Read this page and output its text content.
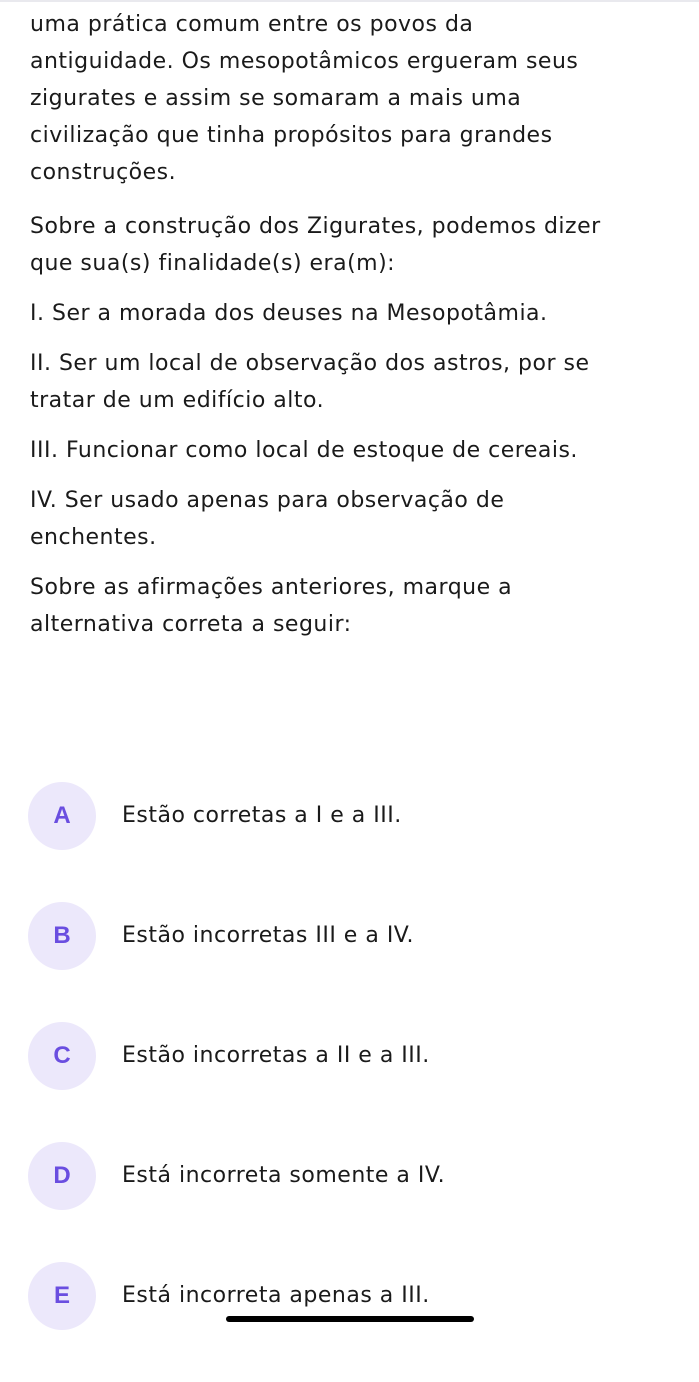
uma prática comum entre os povos da
antiguidade. Os mesopotâmicos ergueram seus
zigurates e assim se somaram a mais uma
civilização que tinha propósitos para grandes
construções.

Sobre a construção dos Zigurates, podemos dizer
que sua(s) finalidade(s) era(m):

I. Ser a morada dos deuses na Mesopotâmia.

II. Ser um local de observação dos astros, por se
tratar de um edifício alto.

III. Funcionar como local de estoque de cereais.

IV. Ser usado apenas para observação de
enchentes.

Sobre as afirmações anteriores, marque a
alternativa correta a seguir:

A	Estão corretas a I e a III.
B	Estão incorretas III e a IV.
C	Estão incorretas a II e a III.
D	Está incorreta somente a IV.
E	Está incorreta apenas a III.
